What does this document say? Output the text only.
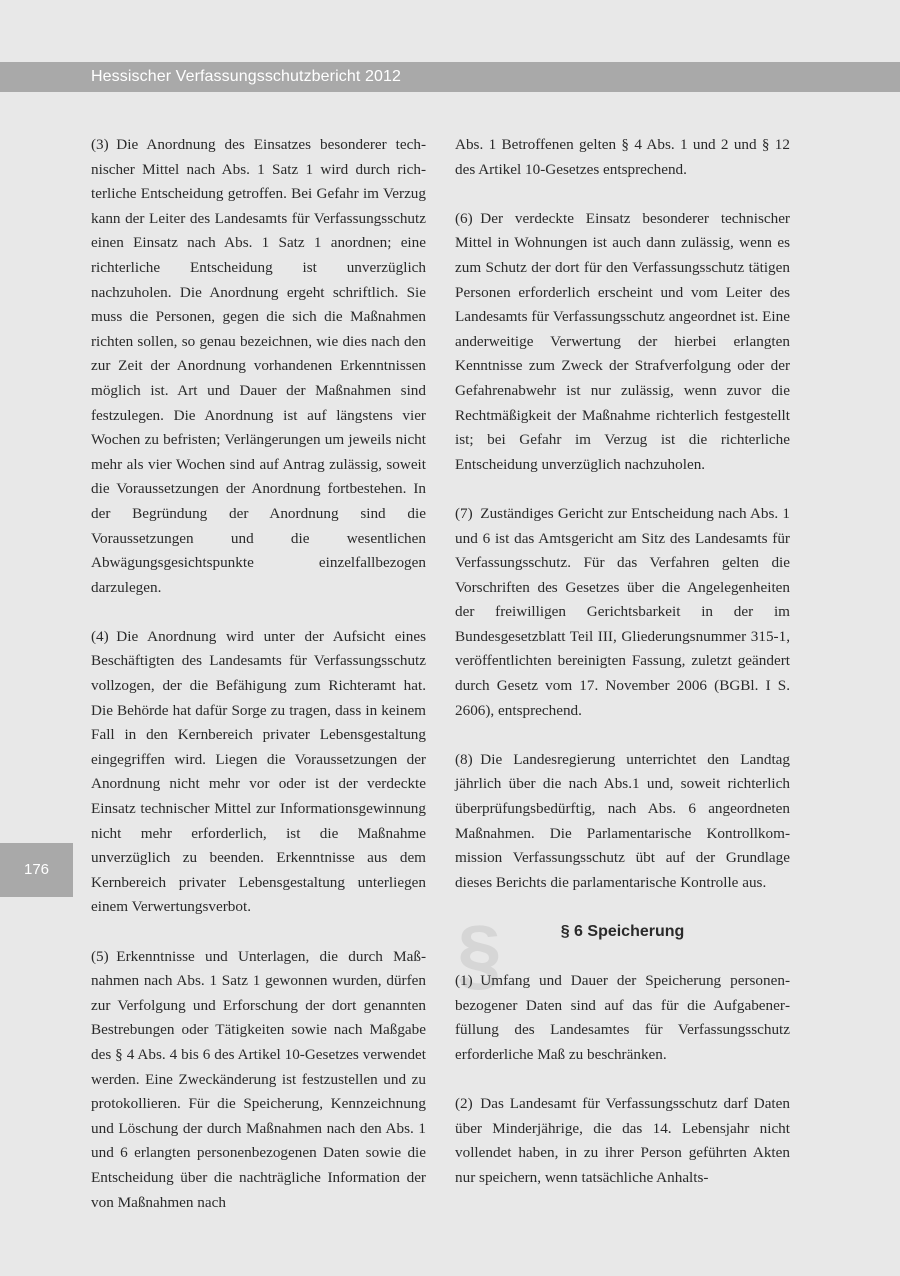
Hessischer Verfassungsschutzbericht 2012
176

(3) Die Anordnung des Einsatzes besonderer technischer Mittel nach Abs. 1 Satz 1 wird durch richterliche Entscheidung getroffen. Bei Gefahr im Verzug kann der Leiter des Landesamts für Verfassungsschutz einen Einsatz nach Abs. 1 Satz 1 anordnen; eine richterliche Entscheidung ist unverzüglich nachzuholen. Die Anordnung ergeht schriftlich. Sie muss die Personen, gegen die sich die Maßnahmen richten sollen, so genau bezeichnen, wie dies nach den zur Zeit der Anordnung vorhandenen Erkenntnissen möglich ist. Art und Dauer der Maßnahmen sind festzulegen. Die Anordnung ist auf längstens vier Wochen zu befristen; Verlängerungen um jeweils nicht mehr als vier Wochen sind auf Antrag zulässig, soweit die Voraussetzungen der Anordnung fortbestehen. In der Begründung der Anordnung sind die Voraussetzungen und die wesentlichen Abwägungsgesichtspunkte einzelfallbezogen darzulegen.

(4) Die Anordnung wird unter der Aufsicht eines Beschäftigten des Landesamts für Verfassungsschutz vollzogen, der die Befähigung zum Richteramt hat. Die Behörde hat dafür Sorge zu tragen, dass in keinem Fall in den Kernbereich privater Lebensgestaltung eingegriffen wird. Liegen die Voraussetzungen der Anordnung nicht mehr vor oder ist der verdeckte Einsatz technischer Mittel zur Informationsgewinnung nicht mehr erforderlich, ist die Maßnahme unverzüglich zu beenden. Erkenntnisse aus dem Kernbereich privater Lebensgestaltung unterliegen einem Verwertungsverbot.

(5) Erkenntnisse und Unterlagen, die durch Maßnahmen nach Abs. 1 Satz 1 gewonnen wurden, dürfen zur Verfolgung und Erforschung der dort genannten Bestrebungen oder Tätigkeiten sowie nach Maßgabe des § 4 Abs. 4 bis 6 des Artikel 10-Gesetzes verwendet werden. Eine Zweckänderung ist festzustellen und zu protokollieren. Für die Speicherung, Kennzeichnung und Löschung der durch Maßnahmen nach den Abs. 1 und 6 erlangten personenbezogenen Daten sowie die Entscheidung über die nachträgliche Information der von Maßnahmen nach

Abs. 1 Betroffenen gelten § 4 Abs. 1 und 2 und § 12 des Artikel 10-Gesetzes entsprechend.

(6) Der verdeckte Einsatz besonderer technischer Mittel in Wohnungen ist auch dann zulässig, wenn es zum Schutz der dort für den Verfassungsschutz tätigen Personen erforderlich erscheint und vom Leiter des Landesamts für Verfassungsschutz angeordnet ist. Eine anderweitige Verwertung der hierbei erlangten Kenntnisse zum Zweck der Strafverfolgung oder der Gefahrenabwehr ist nur zulässig, wenn zuvor die Rechtmäßigkeit der Maßnahme richterlich festgestellt ist; bei Gefahr im Verzug ist die richterliche Entscheidung unverzüglich nachzuholen.

(7) Zuständiges Gericht zur Entscheidung nach Abs. 1 und 6 ist das Amtsgericht am Sitz des Landesamts für Verfassungsschutz. Für das Verfahren gelten die Vorschriften des Gesetzes über die Angelegenheiten der freiwilligen Gerichtsbarkeit in der im Bundesgesetzblatt Teil III, Gliederungsnummer 315-1, veröffentlichten bereinigten Fassung, zuletzt geändert durch Gesetz vom 17. November 2006 (BGBl. I S. 2606), entsprechend.

(8) Die Landesregierung unterrichtet den Landtag jährlich über die nach Abs.1 und, soweit richterlich überprüfungsbedürftig, nach Abs. 6 angeordneten Maßnahmen. Die Parlamentarische Kontrollkommission Verfassungsschutz übt auf der Grundlage dieses Berichts die parlamentarische Kontrolle aus.

§	§ 6 Speicherung

(1) Umfang und Dauer der Speicherung personenbezogener Daten sind auf das für die Aufgabenerfüllung des Landesamtes für Verfassungsschutz erforderliche Maß zu beschränken.

(2) Das Landesamt für Verfassungsschutz darf Daten über Minderjährige, die das 14. Lebensjahr nicht vollendet haben, in zu ihrer Person geführten Akten nur speichern, wenn tatsächliche Anhalts-
